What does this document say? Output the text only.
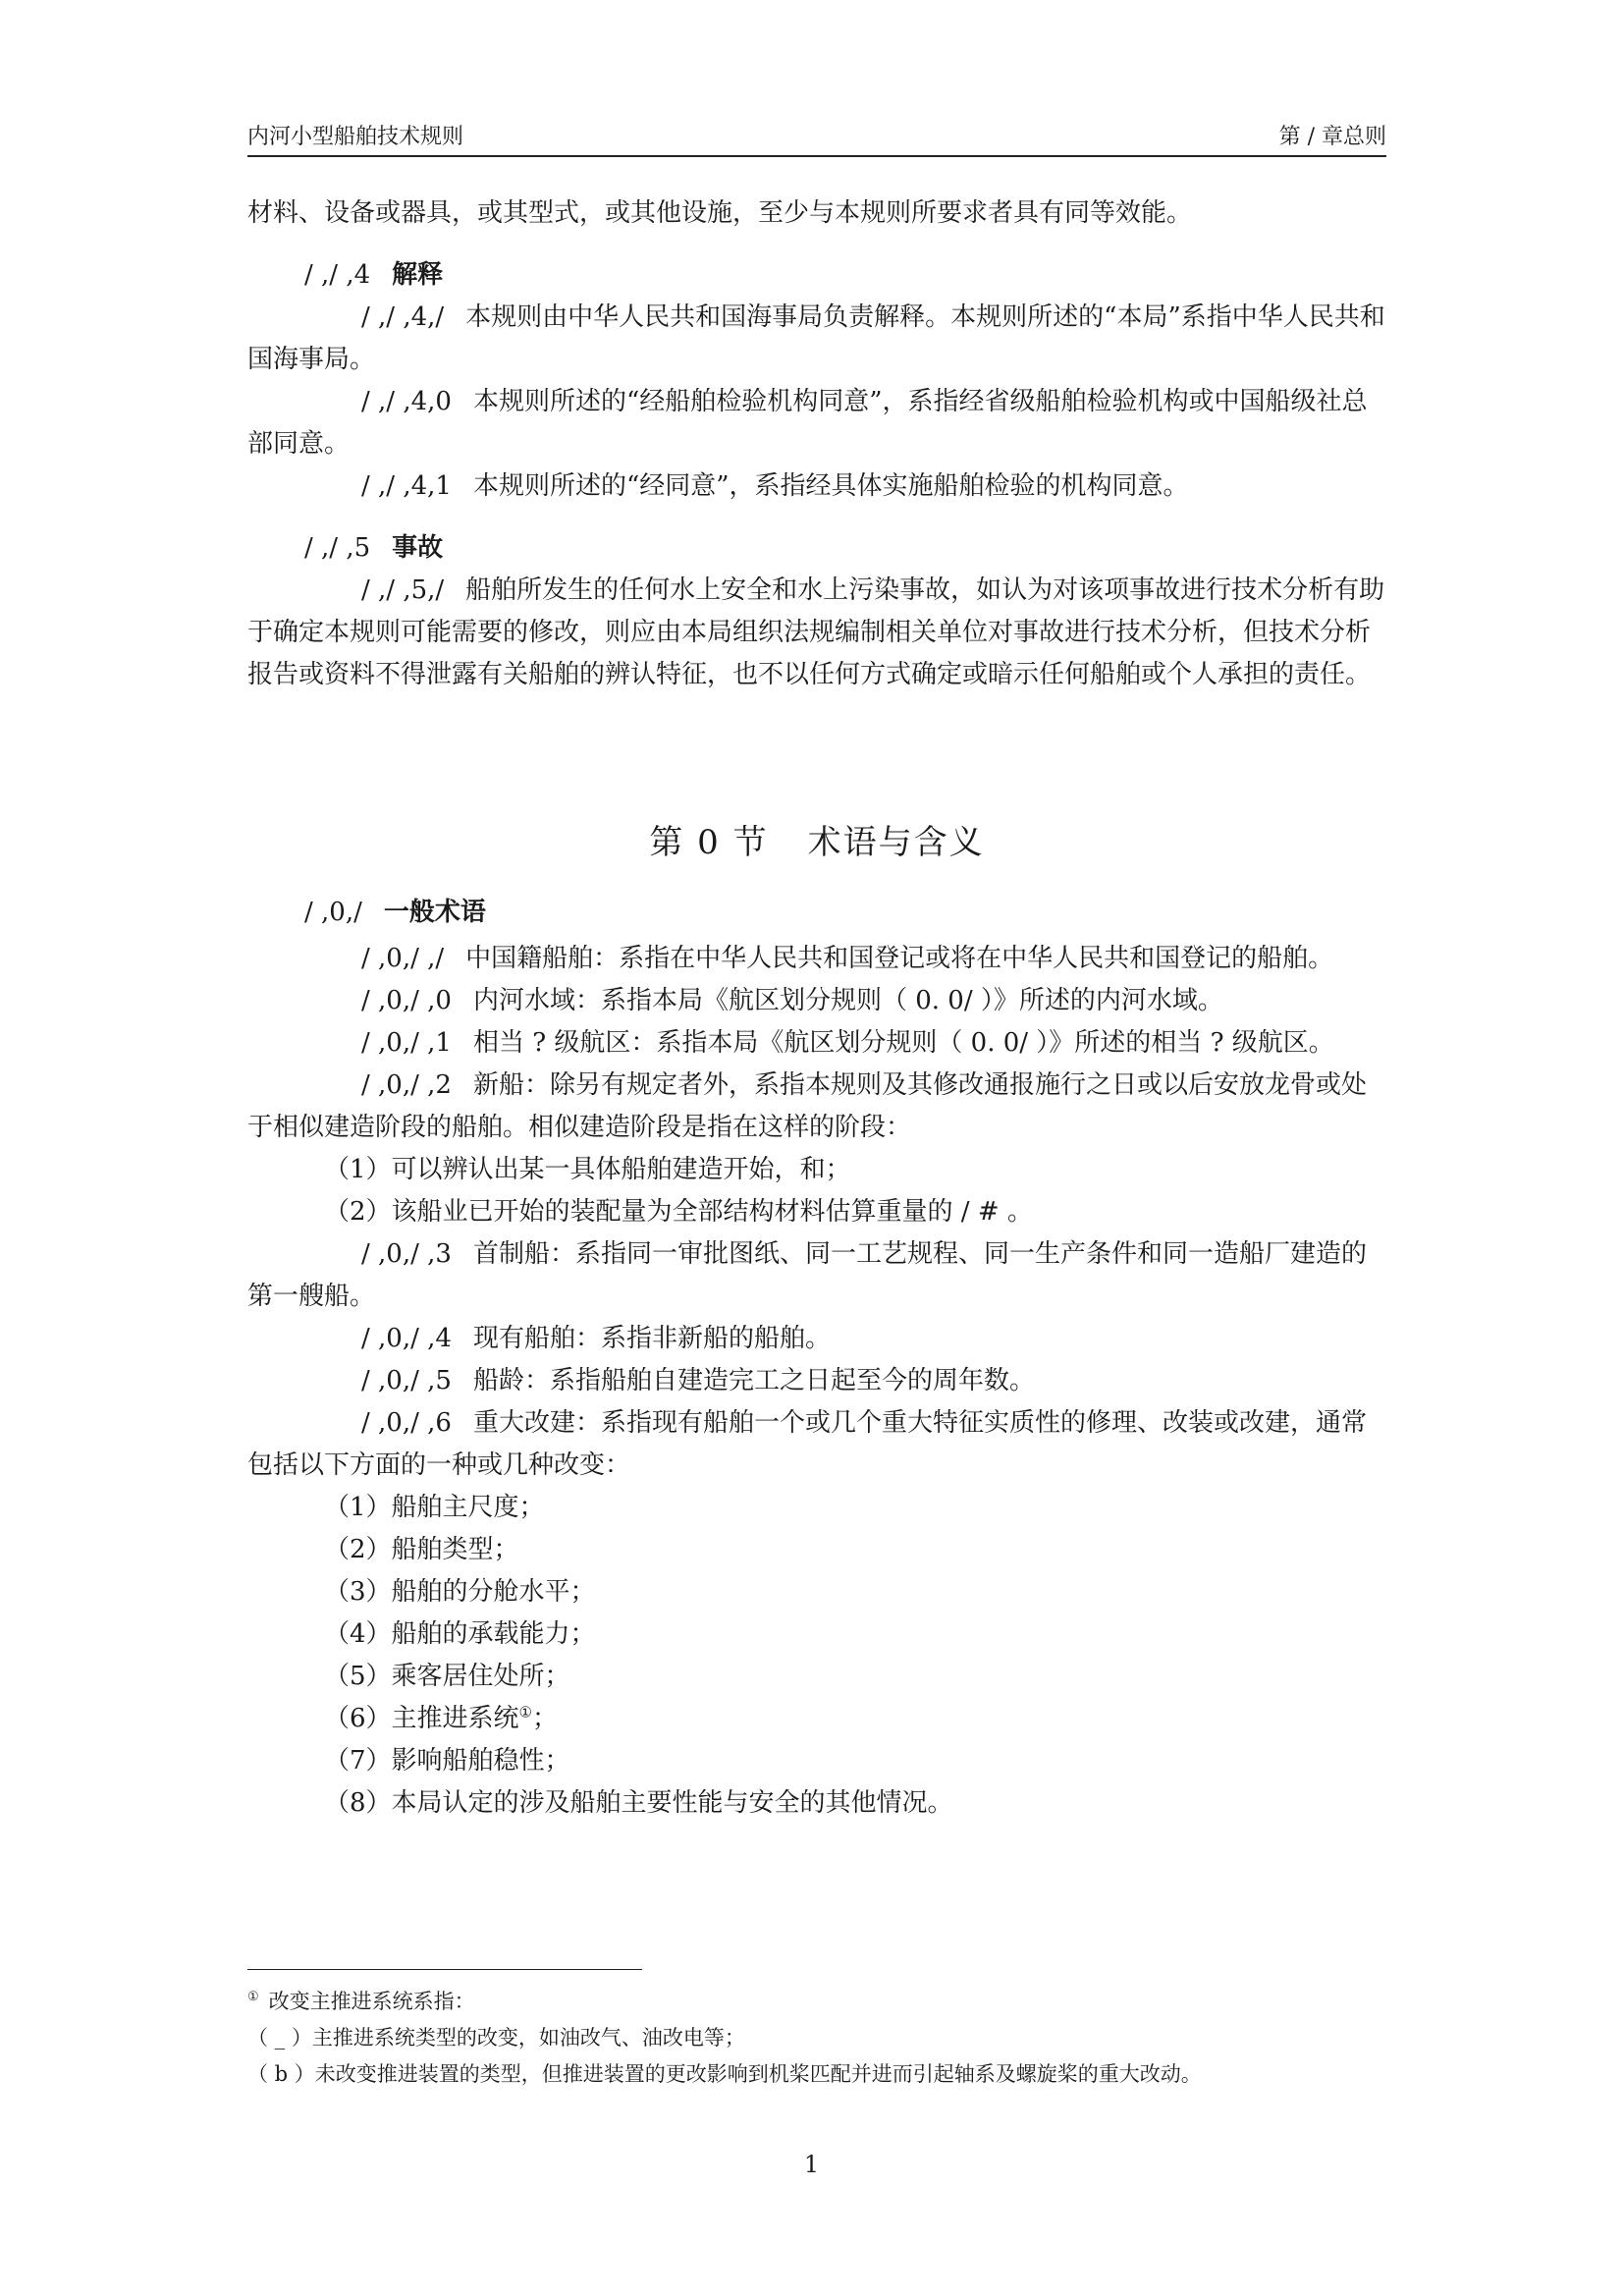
内河小型船舶技术规则	第 / 章总则

材料、设备或器具，或其型式，或其他设施，至少与本规则所要求者具有同等效能。

/ ,/ ,4 解释

/ ,/ ,4,/ 本规则由中华人民共和国海事局负责解释。本规则所述的“本局”系指中华人民共和国海事局。

/ ,/ ,4,0 本规则所述的“经船舶检验机构同意”，系指经省级船舶检验机构或中国船级社总部同意。

/ ,/ ,4,1 本规则所述的“经同意”，系指经具体实施船舶检验的机构同意。

/ ,/ ,5 事故

/ ,/ ,5,/ 船舶所发生的任何水上安全和水上污染事故，如认为对该项事故进行技术分析有助于确定本规则可能需要的修改，则应由本局组织法规编制相关单位对事故进行技术分析，但技术分析报告或资料不得泄露有关船舶的辨认特征，也不以任何方式确定或暗示任何船舶或个人承担的责任。

第 0 节 术语与含义

/ ,0,/ 一般术语

/ ,0,/ ,/ 中国籍船舶：系指在中华人民共和国登记或将在中华人民共和国登记的船舶。

/ ,0,/ ,0 内河水域：系指本局《航区划分规则（ 0. 0/ ）》所述的内河水域。

/ ,0,/ ,1 相当 ? 级航区：系指本局《航区划分规则（ 0. 0/ ）》所述的相当 ? 级航区。

/ ,0,/ ,2 新船：除另有规定者外，系指本规则及其修改通报施行之日或以后安放龙骨或处于相似建造阶段的船舶。相似建造阶段是指在这样的阶段：

（1）可以辨认出某一具体船舶建造开始，和；

（2）该船业已开始的装配量为全部结构材料估算重量的 / # 。

/ ,0,/ ,3 首制船：系指同一审批图纸、同一工艺规程、同一生产条件和同一造船厂建造的第一艘船。

/ ,0,/ ,4 现有船舶：系指非新船的船舶。

/ ,0,/ ,5 船龄：系指船舶自建造完工之日起至今的周年数。

/ ,0,/ ,6 重大改建：系指现有船舶一个或几个重大特征实质性的修理、改装或改建，通常包括以下方面的一种或几种改变：

（1）船舶主尺度；

（2）船舶类型；

（3）船舶的分舱水平；

（4）船舶的承载能力；

（5）乘客居住处所；

（6）主推进系统①；

（7）影响船舶稳性；

（8）本局认定的涉及船舶主要性能与安全的其他情况。

① 改变主推进系统系指：

（ _ ）主推进系统类型的改变，如油改气、油改电等；

（ b ）未改变推进装置的类型，但推进装置的更改影响到机桨匹配并进而引起轴系及螺旋桨的重大改动。

1
